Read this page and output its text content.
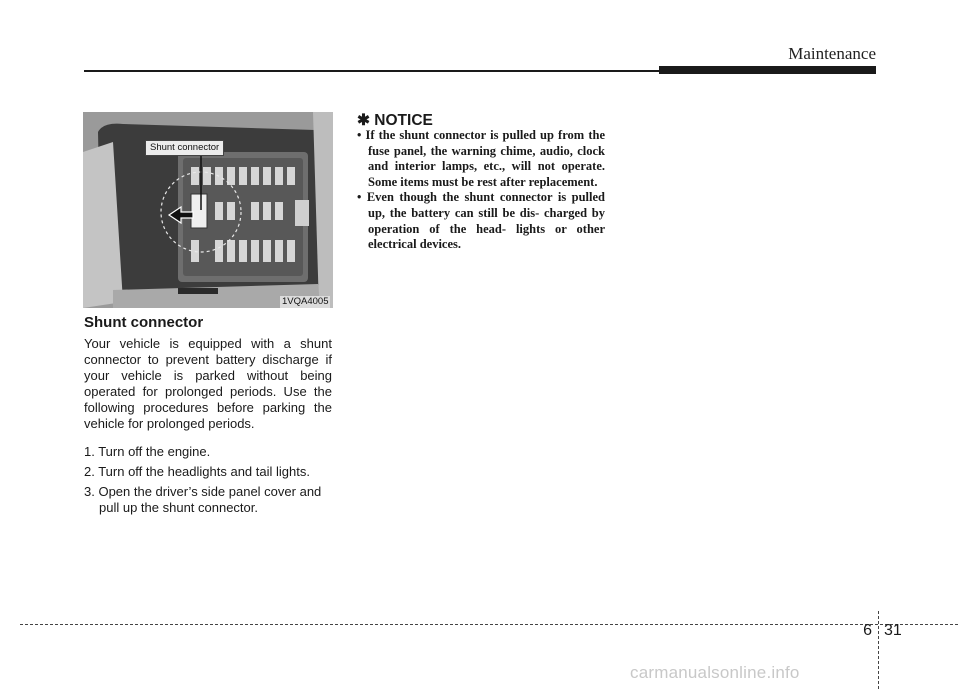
Maintenance
Shunt connector
1VQA4005
Shunt connector
Your vehicle is equipped with a shunt connector to prevent battery discharge if your vehicle is parked without being operated for prolonged periods. Use the following procedures before parking the vehicle for prolonged periods.
1. Turn off the engine.
2. Turn off the headlights and tail lights.
3. Open the driver’s side panel cover and pull up the shunt connector.
✱ NOTICE
• If the shunt connector is pulled up from the fuse panel, the warning chime, audio, clock and interior lamps, etc., will not operate. Some items must be rest after replacement.
• Even though the shunt connector is pulled up, the battery can still be dis- charged by operation of the head- lights or other electrical devices.
6 31
carmanualsonline.info
